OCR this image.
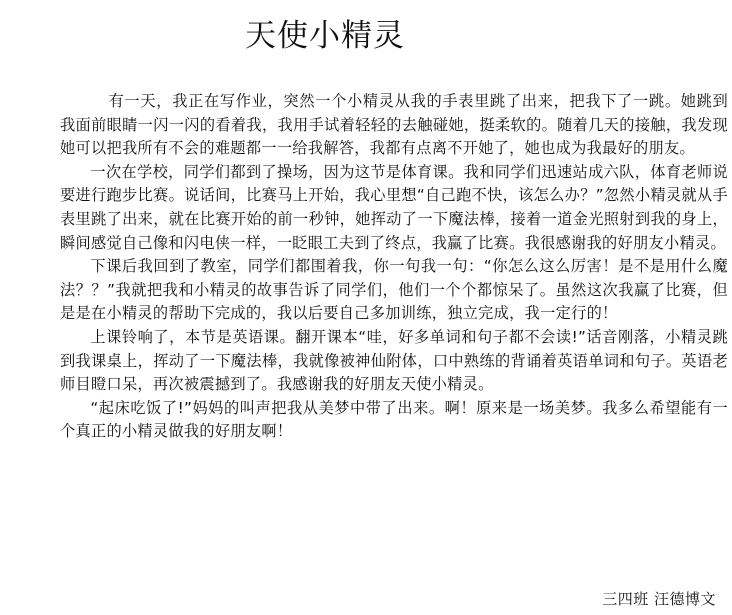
天使小精灵

有一天，我正在写作业，突然一个小精灵从我的手表里跳了出来，把我下了一跳。她跳到我面前眼睛一闪一闪的看着我，我用手试着轻轻的去触碰她，挺柔软的。随着几天的接触，我发现她可以把我所有不会的难题都一一给我解答，我都有点离不开她了，她也成为我最好的朋友。

一次在学校，同学们都到了操场，因为这节是体育课。我和同学们迅速站成六队，体育老师说要进行跑步比赛。说话间，比赛马上开始，我心里想“自己跑不快，该怎么办？”忽然小精灵就从手表里跳了出来，就在比赛开始的前一秒钟，她挥动了一下魔法棒，接着一道金光照射到我的身上，瞬间感觉自己像和闪电侠一样，一眨眼工夫到了终点，我赢了比赛。我很感谢我的好朋友小精灵。

下课后我回到了教室，同学们都围着我，你一句我一句：“你怎么这么厉害！是不是用什么魔法？？”我就把我和小精灵的故事告诉了同学们，他们一个个都惊呆了。虽然这次我赢了比赛，但是是在小精灵的帮助下完成的，我以后要自己多加训练，独立完成，我一定行的！

上课铃响了，本节是英语课。翻开课本“哇，好多单词和句子都不会读!”话音刚落，小精灵跳到我课桌上，挥动了一下魔法棒，我就像被神仙附体，口中熟练的背诵着英语单词和句子。英语老师目瞪口呆，再次被震撼到了。我感谢我的好朋友天使小精灵。

“起床吃饭了!”妈妈的叫声把我从美梦中带了出来。啊！原来是一场美梦。我多么希望能有一个真正的小精灵做我的好朋友啊！

三四班 汪德博文
